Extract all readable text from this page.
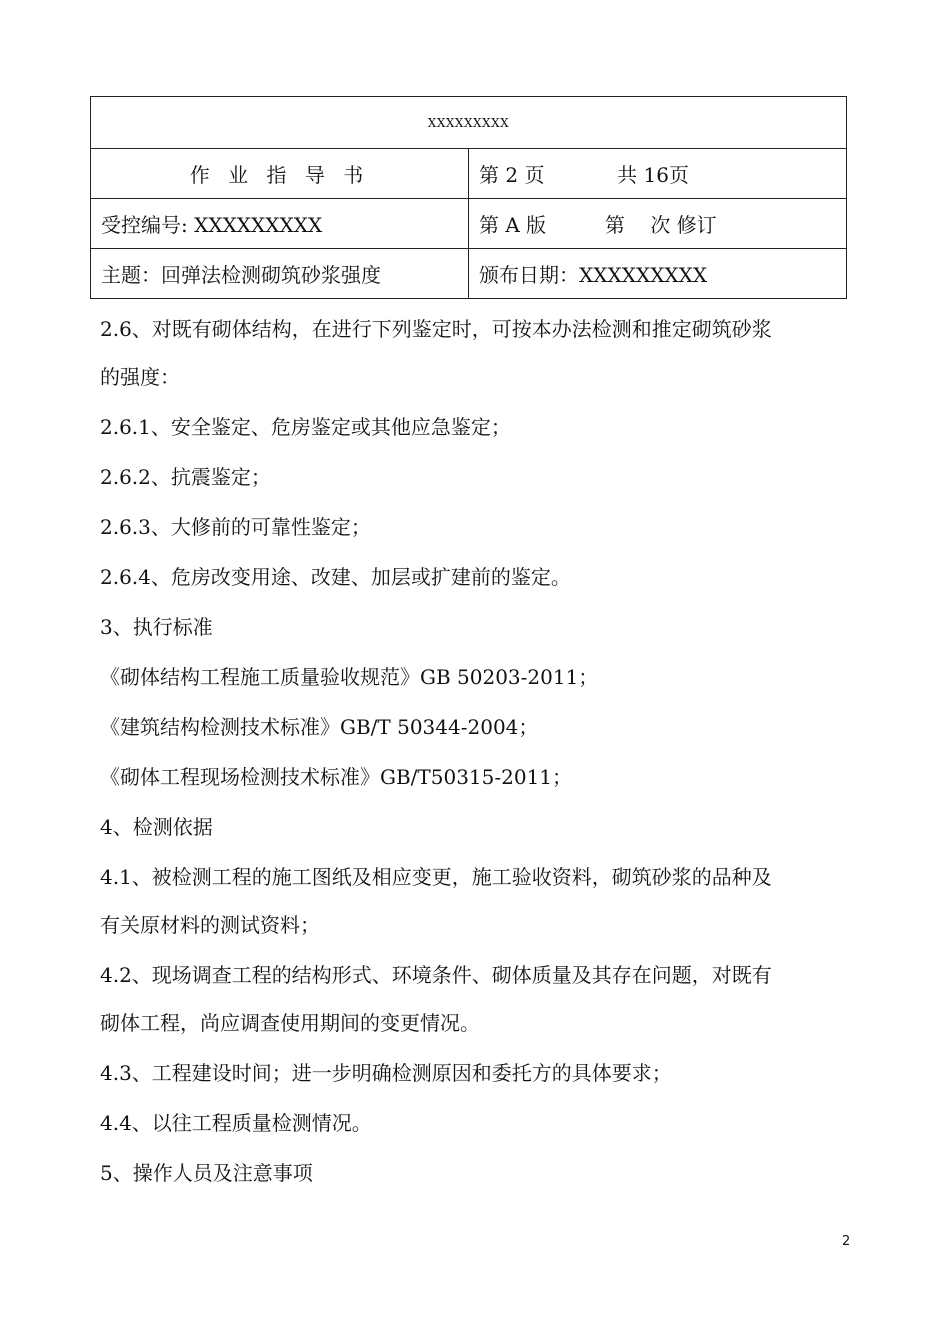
XXXXXXXXX	
作 业 指 导 书	第 2 页 共 16页
受控编号: XXXXXXXXX	第 A 版 第    次 修订
主题：回弹法检测砌筑砂浆强度	颁布日期：XXXXXXXXX
2.6、对既有砌体结构，在进行下列鉴定时，可按本办法检测和推定砌筑砂浆
的强度：
2.6.1、安全鉴定、危房鉴定或其他应急鉴定；
2.6.2、抗震鉴定；
2.6.3、大修前的可靠性鉴定；
2.6.4、危房改变用途、改建、加层或扩建前的鉴定。
3、执行标准
《砌体结构工程施工质量验收规范》GB 50203-2011；
《建筑结构检测技术标准》GB/T 50344-2004；
《砌体工程现场检测技术标准》GB/T50315-2011；
4、检测依据
4.1、被检测工程的施工图纸及相应变更，施工验收资料，砌筑砂浆的品种及
有关原材料的测试资料；
4.2、现场调查工程的结构形式、环境条件、砌体质量及其存在问题，对既有
砌体工程，尚应调查使用期间的变更情况。
4.3、工程建设时间；进一步明确检测原因和委托方的具体要求；
4.4、以往工程质量检测情况。
5、操作人员及注意事项
2
